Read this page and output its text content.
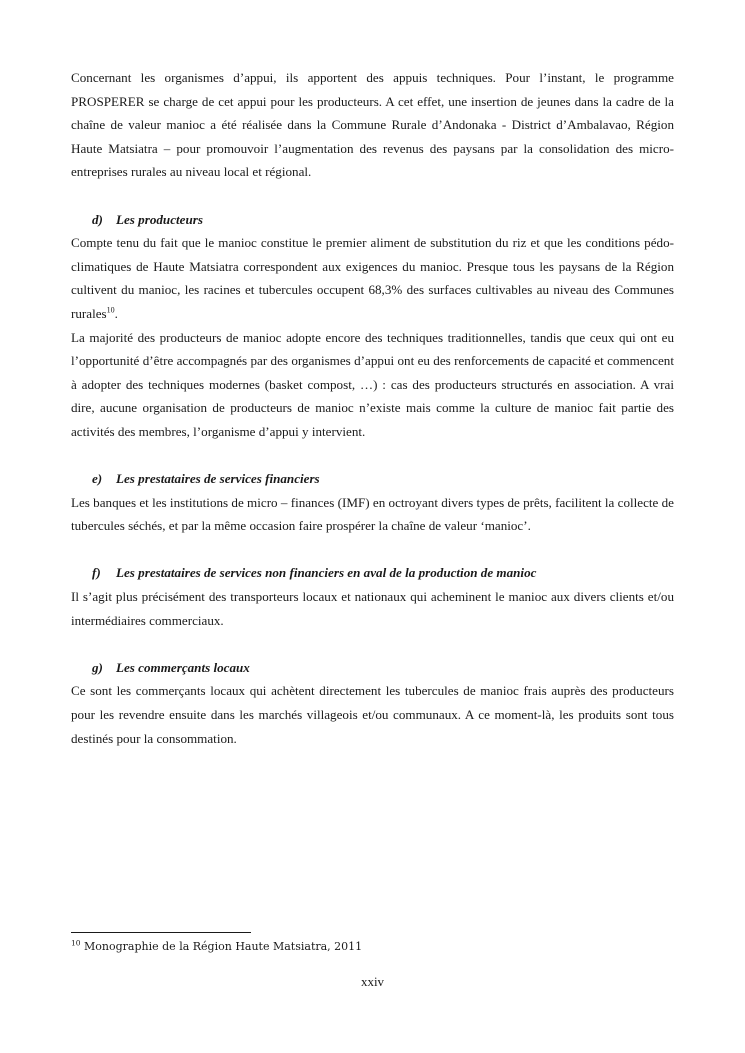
Concernant les organismes d’appui, ils apportent des appuis techniques. Pour l’instant, le programme PROSPERER se charge de cet appui pour les producteurs. A cet effet, une insertion de jeunes dans la cadre de la chaîne de valeur manioc a été réalisée dans la Commune Rurale d’Andonaka - District d’Ambalavao, Région Haute Matsiatra – pour promouvoir l’augmentation des revenus des paysans par la consolidation des micro-entreprises rurales au niveau local et régional.

d) Les producteurs

Compte tenu du fait que le manioc constitue le premier aliment de substitution du riz et que les conditions pédo-climatiques de Haute Matsiatra correspondent aux exigences du manioc. Presque tous les paysans de la Région cultivent du manioc, les racines et tubercules occupent 68,3% des surfaces cultivables au niveau des Communes rurales$^{10}$.

La majorité des producteurs de manioc adopte encore des techniques traditionnelles, tandis que ceux qui ont eu l’opportunité d’être accompagnés par des organismes d’appui ont eu des renforcements de capacité et commencent à adopter des techniques modernes (basket compost, …) : cas des producteurs structurés en association. A vrai dire, aucune organisation de producteurs de manioc n’existe mais comme la culture de manioc fait partie des activités des membres, l’organisme d’appui y intervient.

e) Les prestataires de services financiers

Les banques et les institutions de micro – finances (IMF) en octroyant divers types de prêts, facilitent la collecte de tubercules séchés, et par la même occasion faire prospérer la chaîne de valeur ‘manioc’.

f) Les prestataires de services non financiers en aval de la production de manioc

Il s’agit plus précisément des transporteurs locaux et nationaux qui acheminent le manioc aux divers clients et/ou intermédiaires commerciaux.

g) Les commerçants locaux

Ce sont les commerçants locaux qui achètent directement les tubercules de manioc frais auprès des producteurs pour les revendre ensuite dans les marchés villageois et/ou communaux. A ce moment-là, les produits sont tous destinés pour la consommation.

$^{10}$ Monographie de la Région Haute Matsiatra, 2011
xxiv
